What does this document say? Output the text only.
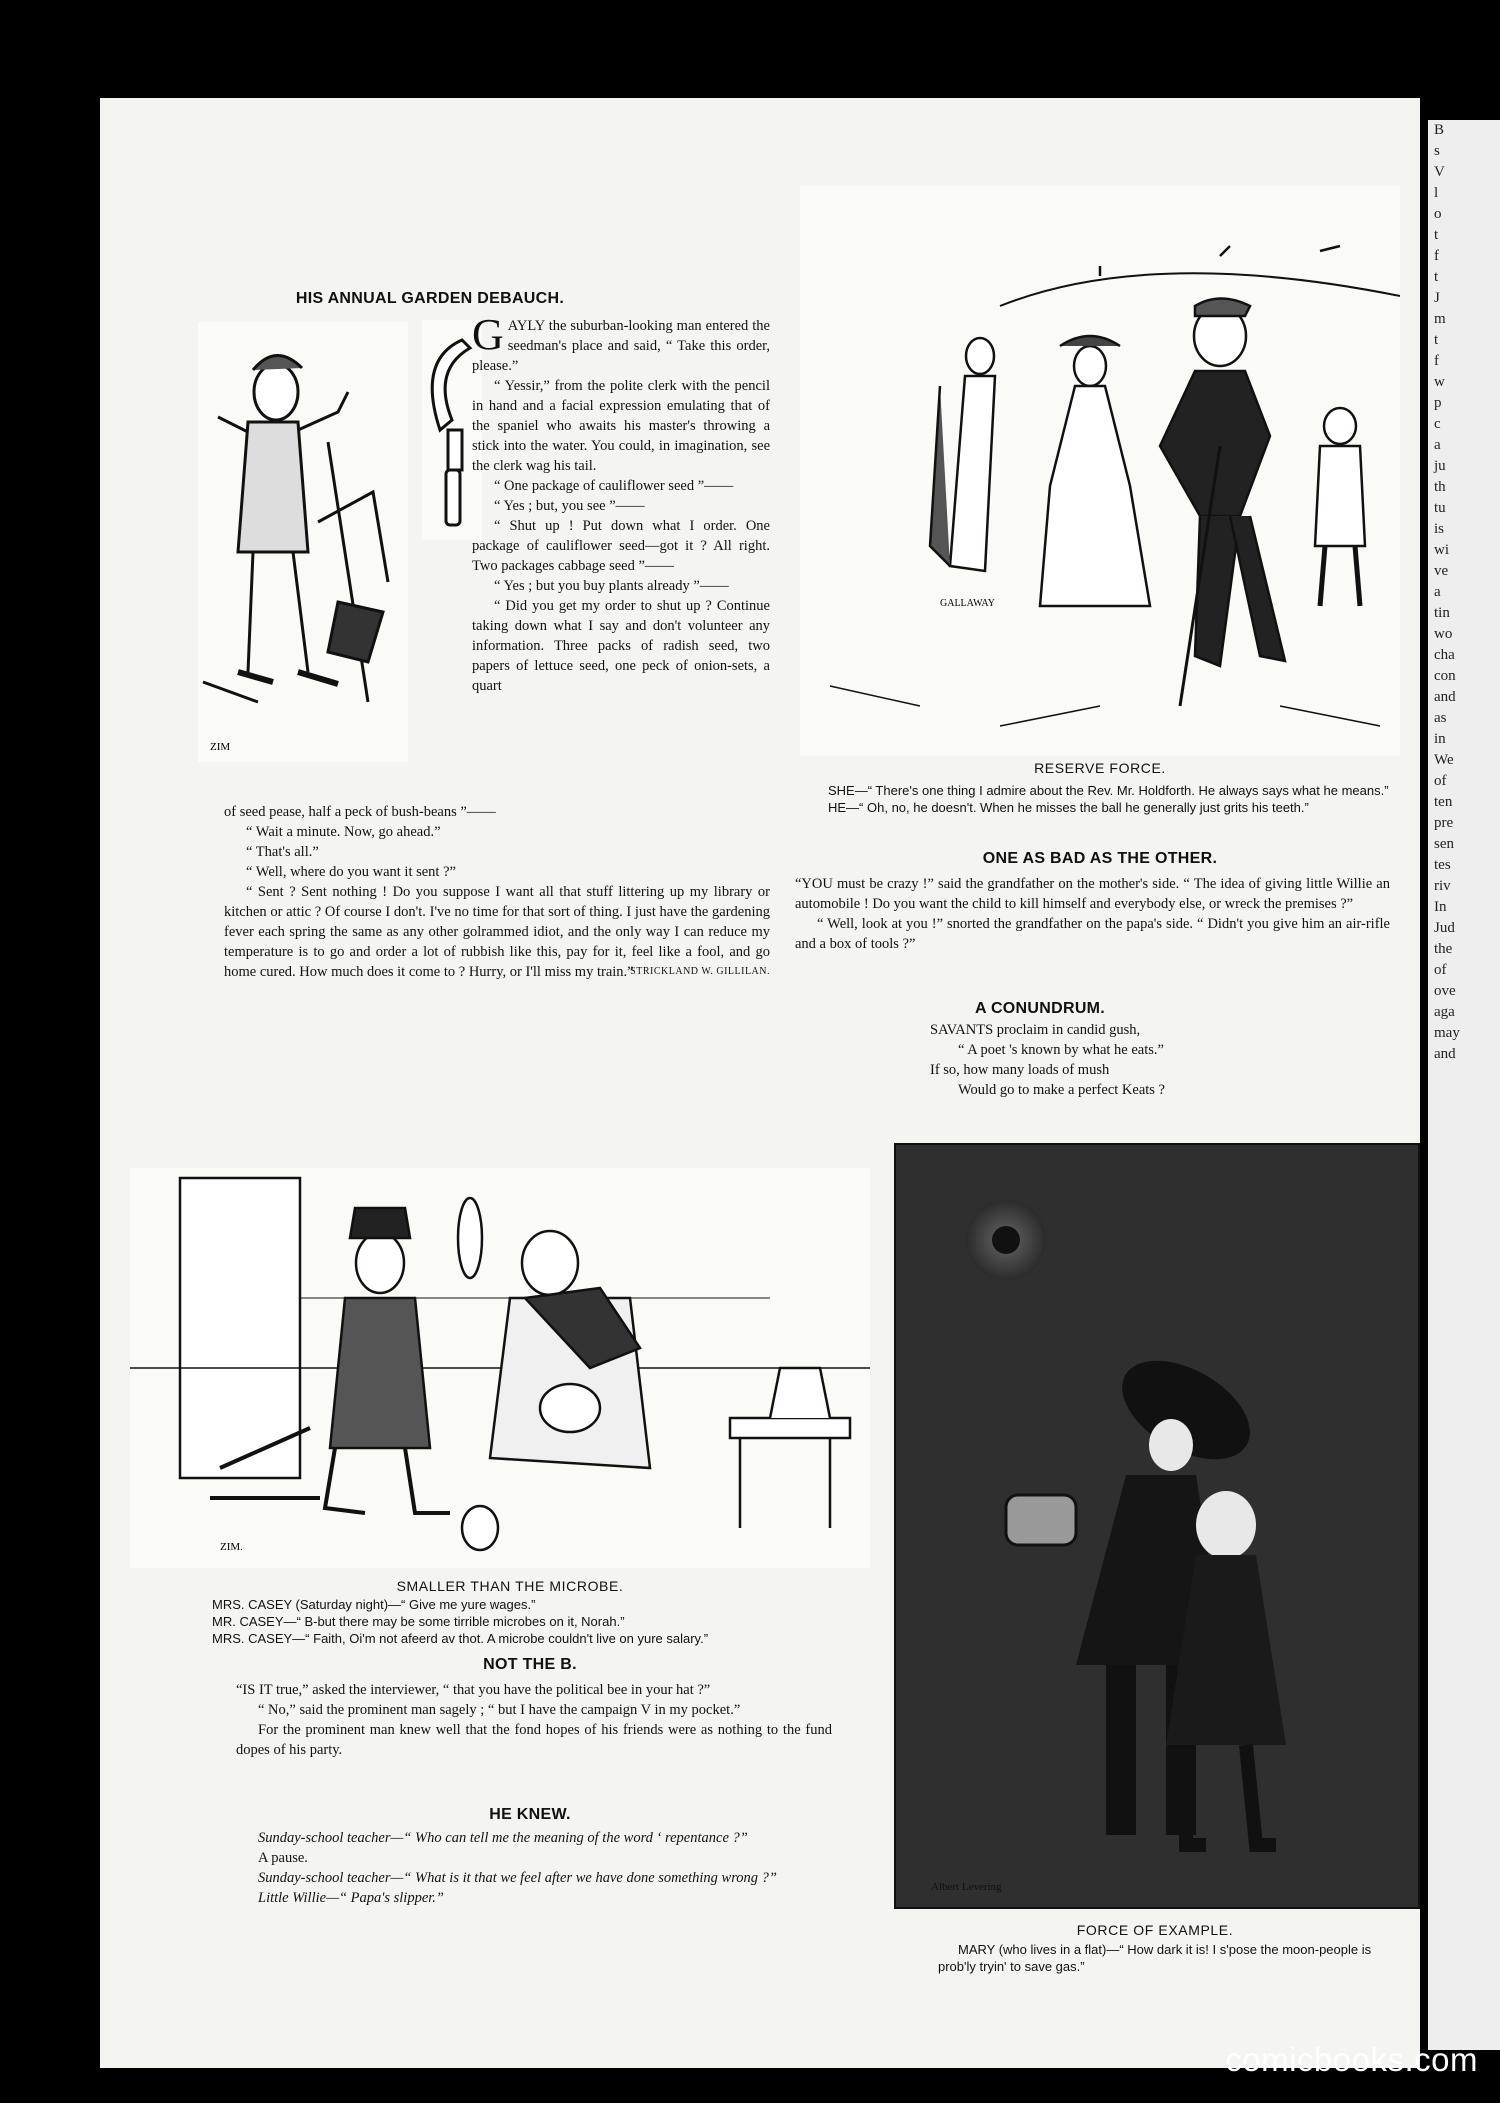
HIS ANNUAL GARDEN DEBAUCH.
ZIM

GAYLY the suburban-looking man entered the seedman's place and said, “ Take this order, please.”

“ Yessir,” from the polite clerk with the pencil in hand and a facial expression emulating that of the spaniel who awaits his master's throwing a stick into the water. You could, in imagination, see the clerk wag his tail.

“ One package of cauliflower seed ”——

“ Yes ; but, you see ”——

“ Shut up ! Put down what I order. One package of cauliflower seed—got it ? All right. Two packages cabbage seed ”——

“ Yes ; but you buy plants already ”——

“ Did you get my order to shut up ? Continue taking down what I say and don't volunteer any information. Three packs of radish seed, two papers of lettuce seed, one peck of onion-sets, a quart

of seed pease, half a peck of bush-beans ”——

“ Wait a minute. Now, go ahead.”

“ That's all.”

“ Well, where do you want it sent ?”

“ Sent ? Sent nothing ! Do you suppose I want all that stuff littering up my library or kitchen or attic ? Of course I don't. I've no time for that sort of thing. I just have the gardening fever each spring the same as any other golrammed idiot, and the only way I can reduce my temperature is to go and order a lot of rubbish like this, pay for it, feel like a fool, and go home cured. How much does it come to ? Hurry, or I'll miss my train.”

STRICKLAND W. GILLILAN.
GALLAWAY
RESERVE FORCE.
SHE—“ There's one thing I admire about the Rev. Mr. Holdforth. He always says what he means.”
HE—“ Oh, no, he doesn't. When he misses the ball he generally just grits his teeth.”
ONE AS BAD AS THE OTHER.

“YOU must be crazy !” said the grandfather on the mother's side. “ The idea of giving little Willie an automobile ! Do you want the child to kill himself and everybody else, or wreck the premises ?”

“ Well, look at you !” snorted the grandfather on the papa's side. “ Didn't you give him an air-rifle and a box of tools ?”

A CONUNDRUM.
SAVANTS proclaim in candid gush,
“ A poet 's known by what he eats.”
If so, how many loads of mush
Would go to make a perfect Keats ?
ZIM.
SMALLER THAN THE MICROBE.
MRS. CASEY (Saturday night)—“ Give me yure wages.”
MR. CASEY—“ B-but there may be some tirrible microbes on it, Norah.”
MRS. CASEY—“ Faith, Oi'm not afeerd av thot. A microbe couldn't live on yure salary.”
NOT THE B.

“IS IT true,” asked the interviewer, “ that you have the political bee in your hat ?”

“ No,” said the prominent man sagely ; “ but I have the campaign V in my pocket.”

For the prominent man knew well that the fond hopes of his friends were as nothing to the fund dopes of his party.

HE KNEW.

Sunday-school teacher—“ Who can tell me the meaning of the word ‘ repentance ?”

A pause.

Sunday-school teacher—“ What is it that we feel after we have done something wrong ?”

Little Willie—“ Papa's slipper.”

Albert Levering
FORCE OF EXAMPLE.
MARY (who lives in a flat)—“ How dark it is! I s'pose the moon-people is prob'ly tryin' to save gas.”
B
s
V
l
o
t
f
t
J
m
t
f
w
p
c
a
ju
th
tu
is
wi
ve
a
tin
wo
cha
con
and
as
in
We
of
ten
pre
sen
tes
riv
In
Jud
the
of
ove
aga
may
and
comicbooks.com
